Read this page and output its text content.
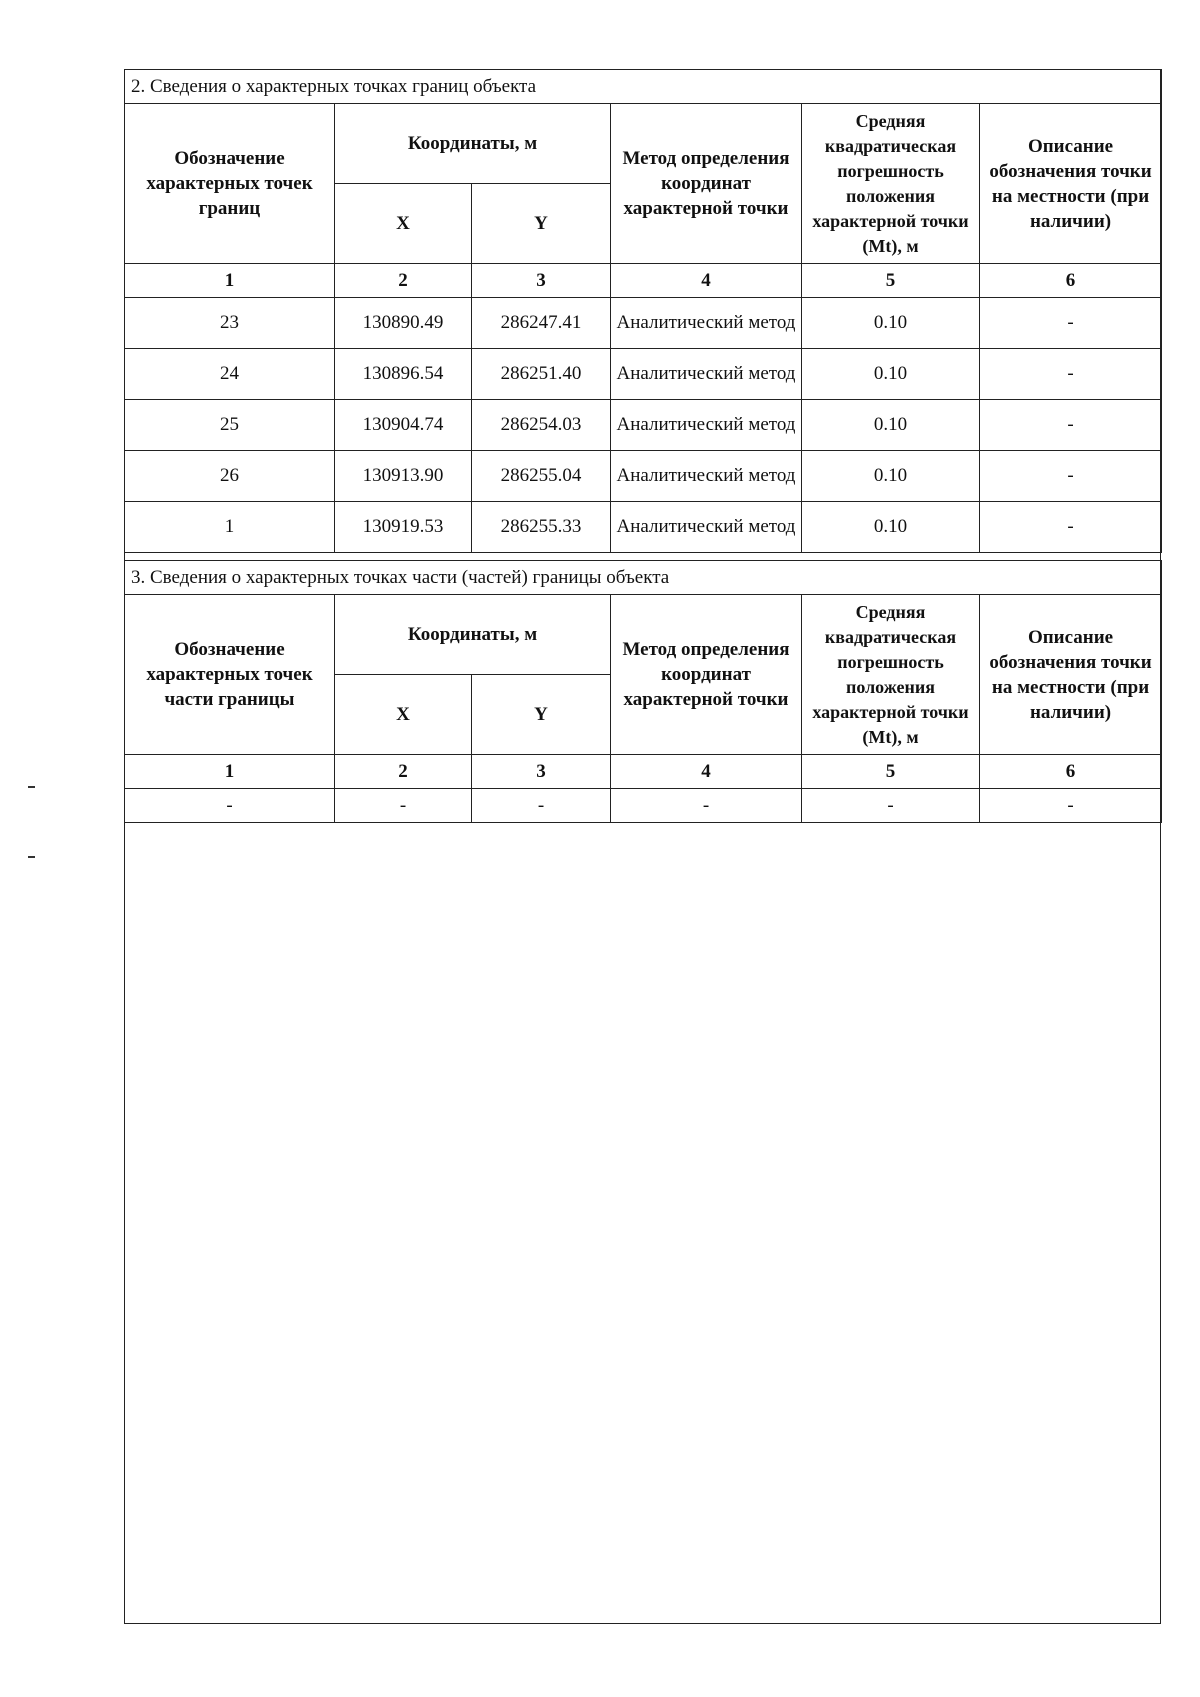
2. Сведения о характерных точках границ объекта					
Обозначение характерных точек границ	Координаты, м		Метод определения координат характерной точки	Средняя квадратическая погрешность положения характерной точки (Mt), м	Описание обозначения точки на местности (при наличии)
	X	Y			
1	2	3	4	5	6
23	130890.49	286247.41	Аналитический метод	0.10	-
24	130896.54	286251.40	Аналитический метод	0.10	-
25	130904.74	286254.03	Аналитический метод	0.10	-
26	130913.90	286255.04	Аналитический метод	0.10	-
1	130919.53	286255.33	Аналитический метод	0.10	-
3. Сведения о характерных точках части (частей) границы объекта					
Обозначение характерных точек части границы	Координаты, м		Метод определения координат характерной точки	Средняя квадратическая погрешность положения характерной точки (Mt), м	Описание обозначения точки на местности (при наличии)
	X	Y			
1	2	3	4	5	6
-	-	-	-	-	-
